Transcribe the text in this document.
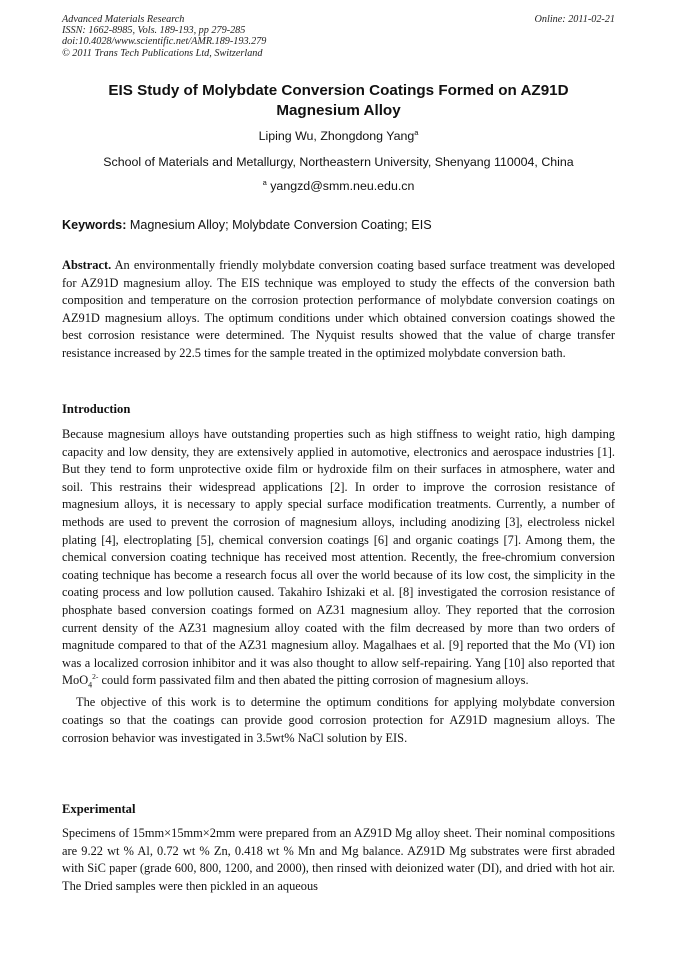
Advanced Materials Research
ISSN: 1662-8985, Vols. 189-193, pp 279-285
doi:10.4028/www.scientific.net/AMR.189-193.279
© 2011 Trans Tech Publications Ltd, Switzerland
Online: 2011-02-21
EIS Study of Molybdate Conversion Coatings Formed on AZ91D
Magnesium Alloy
Liping Wu, Zhongdong Yang$^a$
School of Materials and Metallurgy, Northeastern University, Shenyang 110004, China
$^a$ yangzd@smm.neu.edu.cn
Keywords: Magnesium Alloy; Molybdate Conversion Coating; EIS
Abstract. An environmentally friendly molybdate conversion coating based surface treatment was developed for AZ91D magnesium alloy. The EIS technique was employed to study the effects of the conversion bath composition and temperature on the corrosion protection performance of molybdate conversion coatings on AZ91D magnesium alloys. The optimum conditions under which obtained conversion coatings showed the best corrosion resistance were determined. The Nyquist results showed that the value of charge transfer resistance increased by 22.5 times for the sample treated in the optimized molybdate conversion bath.
Introduction

Because magnesium alloys have outstanding properties such as high stiffness to weight ratio, high damping capacity and low density, they are extensively applied in automotive, electronics and aerospace industries [1]. But they tend to form unprotective oxide film or hydroxide film on their surfaces in atmosphere, water and soil. This restrains their widespread applications [2]. In order to improve the corrosion resistance of magnesium alloys, it is necessary to apply special surface modification treatments. Currently, a number of methods are used to prevent the corrosion of magnesium alloys, including anodizing [3], electroless nickel plating [4], electroplating [5], chemical conversion coatings [6] and organic coatings [7]. Among them, the chemical conversion coating technique has received most attention. Recently, the free-chromium conversion coating technique has become a research focus all over the world because of its low cost, the simplicity in the coating process and low pollution caused. Takahiro Ishizaki et al. [8] investigated the corrosion resistance of phosphate based conversion coatings formed on AZ31 magnesium alloy. They reported that the corrosion current density of the AZ31 magnesium alloy coated with the film decreased by more than two orders of magnitude compared to that of the AZ31 magnesium alloy. Magalhaes et al. [9] reported that the Mo (VI) ion was a localized corrosion inhibitor and it was also thought to allow self-repairing. Yang [10] also reported that MoO$_4^{2-}$ could form passivated film and then abated the pitting corrosion of magnesium alloys.

The objective of this work is to determine the optimum conditions for applying molybdate conversion coatings so that the coatings can provide good corrosion protection for AZ91D magnesium alloys. The corrosion behavior was investigated in 3.5wt% NaCl solution by EIS.

Experimental

Specimens of 15mm×15mm×2mm were prepared from an AZ91D Mg alloy sheet. Their nominal compositions are 9.22 wt % Al, 0.72 wt % Zn, 0.418 wt % Mn and Mg balance. AZ91D Mg substrates were first abraded with SiC paper (grade 600, 800, 1200, and 2000), then rinsed with deionized water (DI), and dried with hot air. The Dried samples were then pickled in an aqueous
